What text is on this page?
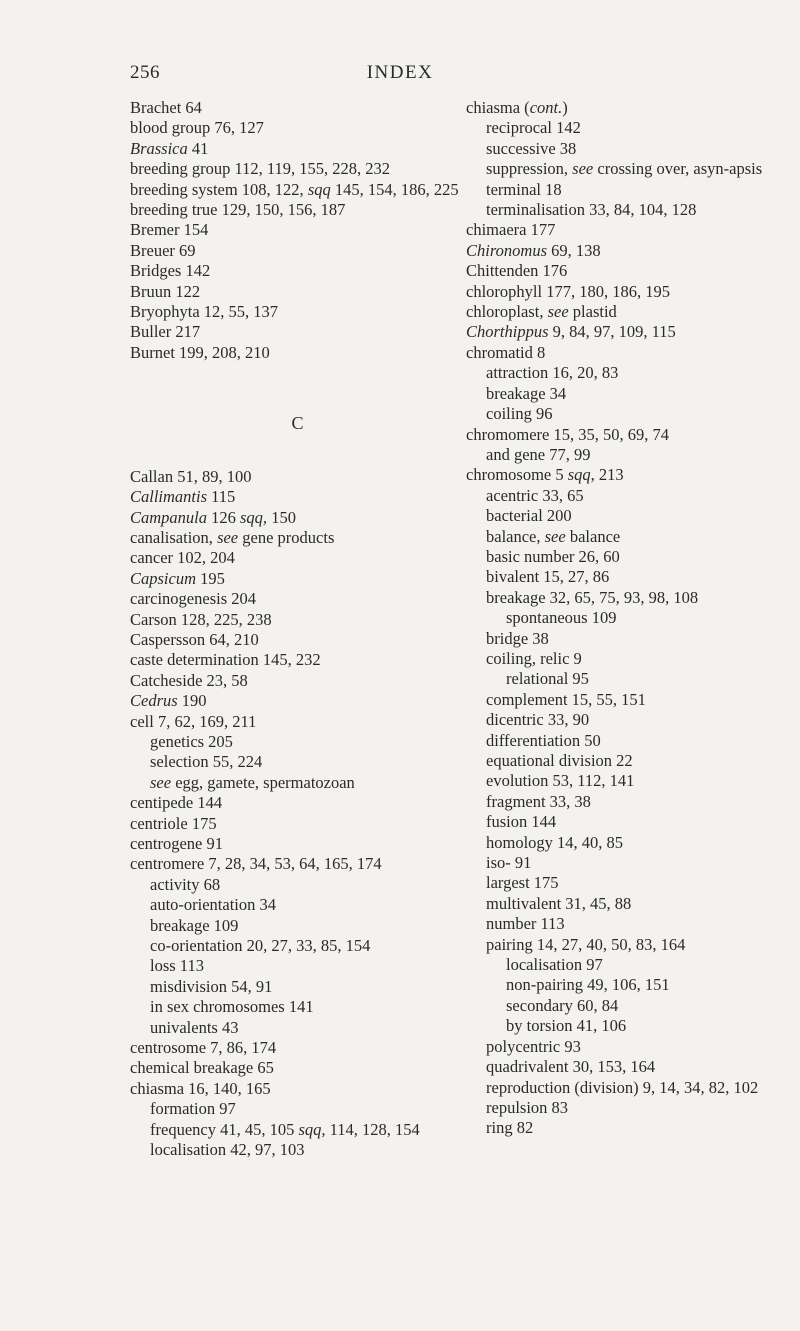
256	INDEX

Brachet 64

blood group 76, 127

Brassica 41

breeding group 112, 119, 155, 228, 232

breeding system 108, 122, sqq 145, 154, 186, 225

breeding true 129, 150, 156, 187

Bremer 154

Breuer 69

Bridges 142

Bruun 122

Bryophyta 12, 55, 137

Buller 217

Burnet 199, 208, 210

C

Callan 51, 89, 100

Callimantis 115

Campanula 126 sqq, 150

canalisation, see gene products

cancer 102, 204

Capsicum 195

carcinogenesis 204

Carson 128, 225, 238

Caspersson 64, 210

caste determination 145, 232

Catcheside 23, 58

Cedrus 190

cell 7, 62, 169, 211

genetics 205

selection 55, 224

see egg, gamete, spermatozoan

centipede 144

centriole 175

centrogene 91

centromere 7, 28, 34, 53, 64, 165, 174

activity 68

auto-orientation 34

breakage 109

co-orientation 20, 27, 33, 85, 154

loss 113

misdivision 54, 91

in sex chromosomes 141

univalents 43

centrosome 7, 86, 174

chemical breakage 65

chiasma 16, 140, 165

formation 97

frequency 41, 45, 105 sqq, 114, 128, 154

localisation 42, 97, 103

chiasma (cont.)

reciprocal 142

successive 38

suppression, see crossing over, asyn-apsis

terminal 18

terminalisation 33, 84, 104, 128

chimaera 177

Chironomus 69, 138

Chittenden 176

chlorophyll 177, 180, 186, 195

chloroplast, see plastid

Chorthippus 9, 84, 97, 109, 115

chromatid 8

attraction 16, 20, 83

breakage 34

coiling 96

chromomere 15, 35, 50, 69, 74

and gene 77, 99

chromosome 5 sqq, 213

acentric 33, 65

bacterial 200

balance, see balance

basic number 26, 60

bivalent 15, 27, 86

breakage 32, 65, 75, 93, 98, 108

spontaneous 109

bridge 38

coiling, relic 9

relational 95

complement 15, 55, 151

dicentric 33, 90

differentiation 50

equational division 22

evolution 53, 112, 141

fragment 33, 38

fusion 144

homology 14, 40, 85

iso- 91

largest 175

multivalent 31, 45, 88

number 113

pairing 14, 27, 40, 50, 83, 164

localisation 97

non-pairing 49, 106, 151

secondary 60, 84

by torsion 41, 106

polycentric 93

quadrivalent 30, 153, 164

reproduction (division) 9, 14, 34, 82, 102

repulsion 83

ring 82
